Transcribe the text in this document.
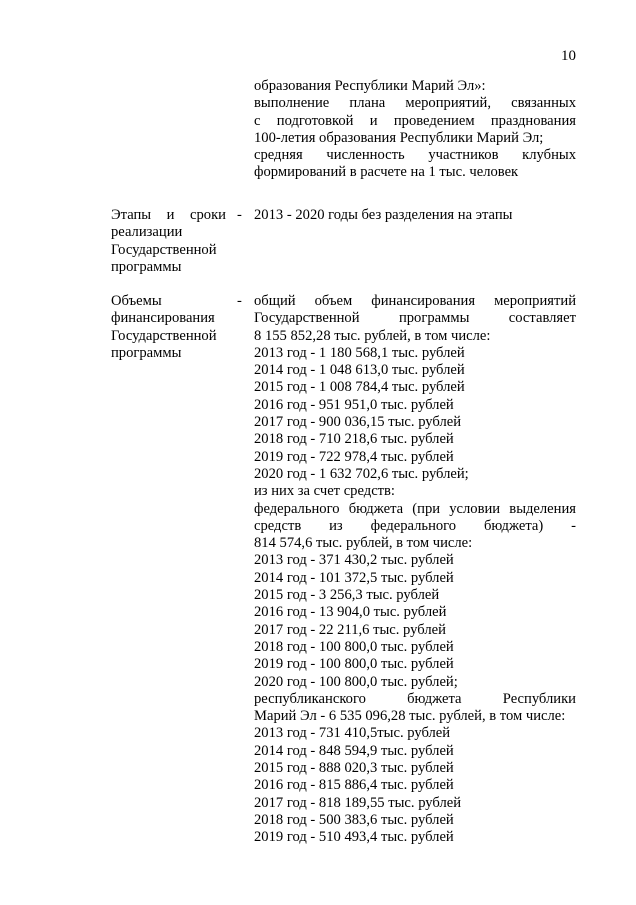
10
образования Республики Марий Эл»:
выполнение плана мероприятий, связанных
с подготовкой и проведением празднования
100-летия образования Республики Марий Эл;
средняя численность участников клубных
формирований в расчете на 1 тыс. человек
Этапы и сроки
реализации
Государственной
программы
- 2013 - 2020 годы без разделения на этапы
Объемы
финансирования
Государственной
программы
- общий объем финансирования мероприятий
Государственной программы составляет
8 155 852,28 тыс. рублей, в том числе:
2013 год - 1 180 568,1 тыс. рублей
2014 год - 1 048 613,0 тыс. рублей
2015 год - 1 008 784,4 тыс. рублей
2016 год - 951 951,0 тыс. рублей
2017 год - 900 036,15 тыс. рублей
2018 год - 710 218,6 тыс. рублей
2019 год - 722 978,4 тыс. рублей
2020 год - 1 632 702,6 тыс. рублей;
из них за счет средств:
федерального бюджета (при условии выделения
средств из федерального бюджета) -
814 574,6 тыс. рублей, в том числе:
2013 год - 371 430,2 тыс. рублей
2014 год - 101 372,5 тыс. рублей
2015 год - 3 256,3 тыс. рублей
2016 год - 13 904,0 тыс. рублей
2017 год - 22 211,6 тыс. рублей
2018 год - 100 800,0 тыс. рублей
2019 год - 100 800,0 тыс. рублей
2020 год - 100 800,0 тыс. рублей;
республиканского бюджета Республики
Марий Эл - 6 535 096,28 тыс. рублей, в том числе:
2013 год - 731 410,5тыс. рублей
2014 год - 848 594,9 тыс. рублей
2015 год - 888 020,3 тыс. рублей
2016 год - 815 886,4 тыс. рублей
2017 год - 818 189,55 тыс. рублей
2018 год - 500 383,6 тыс. рублей
2019 год - 510 493,4 тыс. рублей
